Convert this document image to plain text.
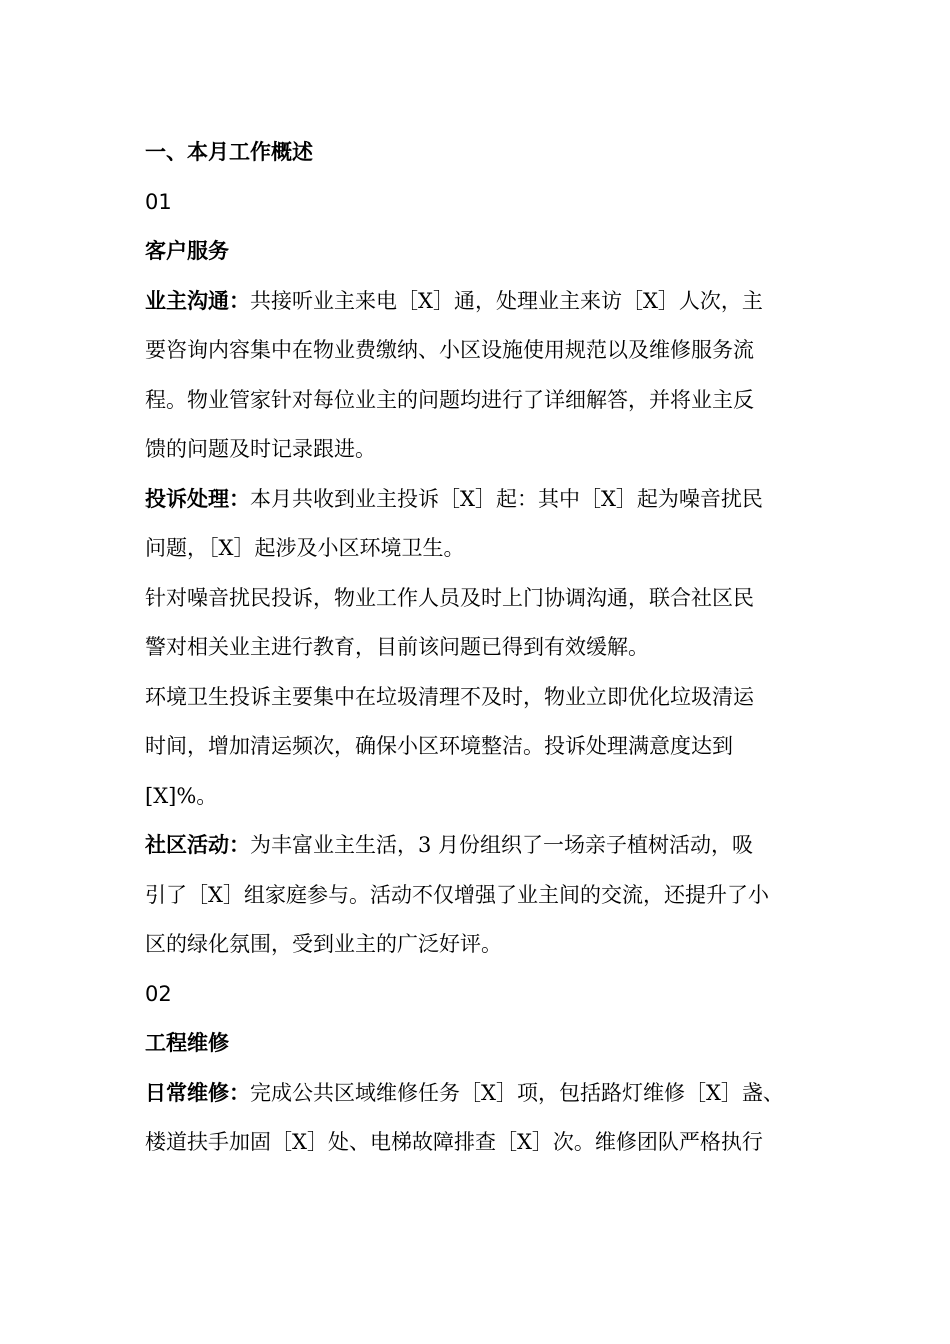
一、本月工作概述

01

客户服务

业主沟通：共接听业主来电［X］通，处理业主来访［X］人次，主

要咨询内容集中在物业费缴纳、小区设施使用规范以及维修服务流

程。物业管家针对每位业主的问题均进行了详细解答，并将业主反

馈的问题及时记录跟进。

投诉处理：本月共收到业主投诉［X］起：其中［X］起为噪音扰民

问题，［X］起涉及小区环境卫生。

针对噪音扰民投诉，物业工作人员及时上门协调沟通，联合社区民

警对相关业主进行教育，目前该问题已得到有效缓解。

环境卫生投诉主要集中在垃圾清理不及时，物业立即优化垃圾清运

时间，增加清运频次，确保小区环境整洁。投诉处理满意度达到

[X]%。

社区活动：为丰富业主生活，3 月份组织了一场亲子植树活动，吸

引了［X］组家庭参与。活动不仅增强了业主间的交流，还提升了小

区的绿化氛围，受到业主的广泛好评。

02

工程维修

日常维修：完成公共区域维修任务［X］项，包括路灯维修［X］盏、

楼道扶手加固［X］处、电梯故障排查［X］次。维修团队严格执行
